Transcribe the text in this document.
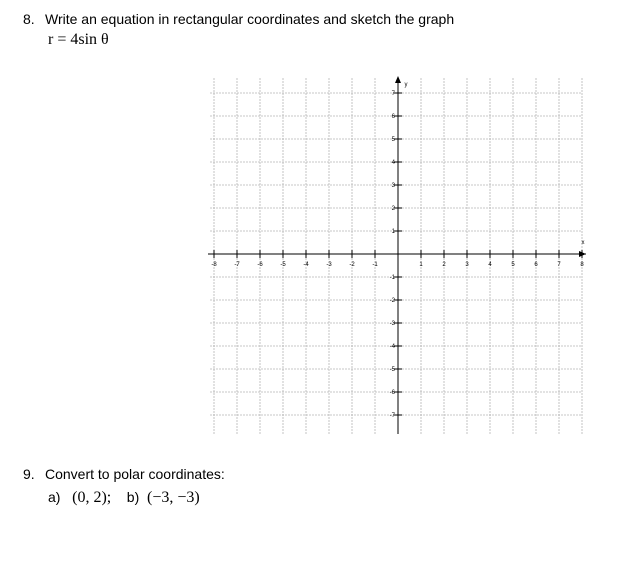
8. Write an equation in rectangular coordinates and sketch the graph
r = 4sin θ
-8	-7	-6	-5	-4	-3	-2	-1	1	2	3	4	5	6	7	8
7
6
5
4
3
2
1
-1
-2
-3
-4
-5
-6
-7
x
y
9. Convert to polar coordinates:
a) (0, 2); b) (−3, −3)
